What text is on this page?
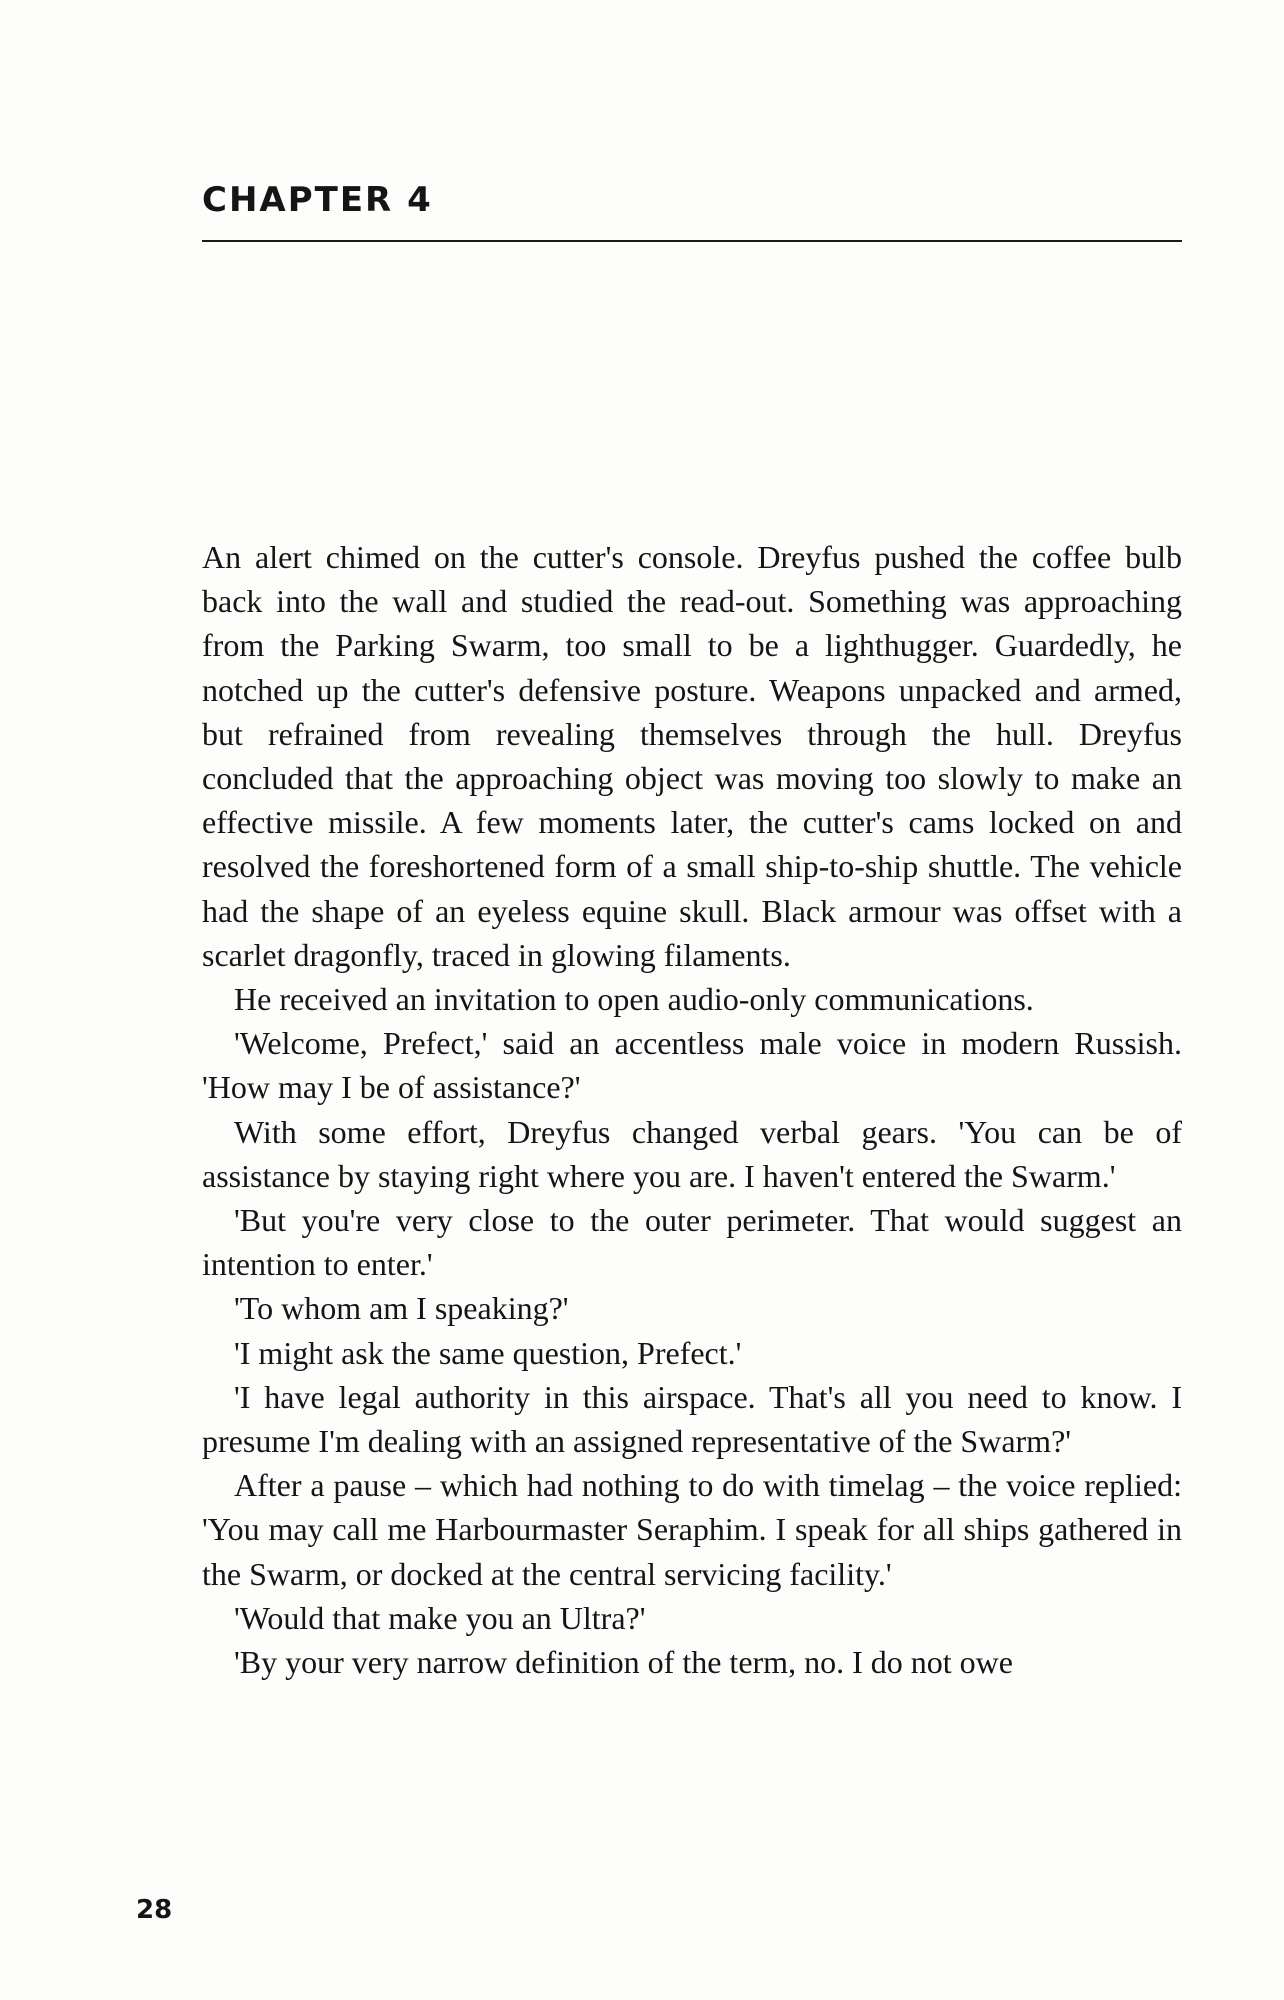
CHAPTER 4

An alert chimed on the cutter's console. Dreyfus pushed the coffee bulb back into the wall and studied the read-out. Something was approaching from the Parking Swarm, too small to be a lighthugger. Guardedly, he notched up the cutter's defensive posture. Weapons unpacked and armed, but refrained from revealing themselves through the hull. Dreyfus concluded that the approaching object was moving too slowly to make an effective missile. A few moments later, the cutter's cams locked on and resolved the foreshortened form of a small ship-to-ship shuttle. The vehicle had the shape of an eyeless equine skull. Black armour was offset with a scarlet dragonfly, traced in glowing filaments.

He received an invitation to open audio-only communications.

'Welcome, Prefect,' said an accentless male voice in modern Russish. 'How may I be of assistance?'

With some effort, Dreyfus changed verbal gears. 'You can be of assistance by staying right where you are. I haven't entered the Swarm.'

'But you're very close to the outer perimeter. That would suggest an intention to enter.'

'To whom am I speaking?'

'I might ask the same question, Prefect.'

'I have legal authority in this airspace. That's all you need to know. I presume I'm dealing with an assigned representative of the Swarm?'

After a pause – which had nothing to do with timelag – the voice replied: 'You may call me Harbourmaster Seraphim. I speak for all ships gathered in the Swarm, or docked at the central servicing facility.'

'Would that make you an Ultra?'

'By your very narrow definition of the term, no. I do not owe

28
